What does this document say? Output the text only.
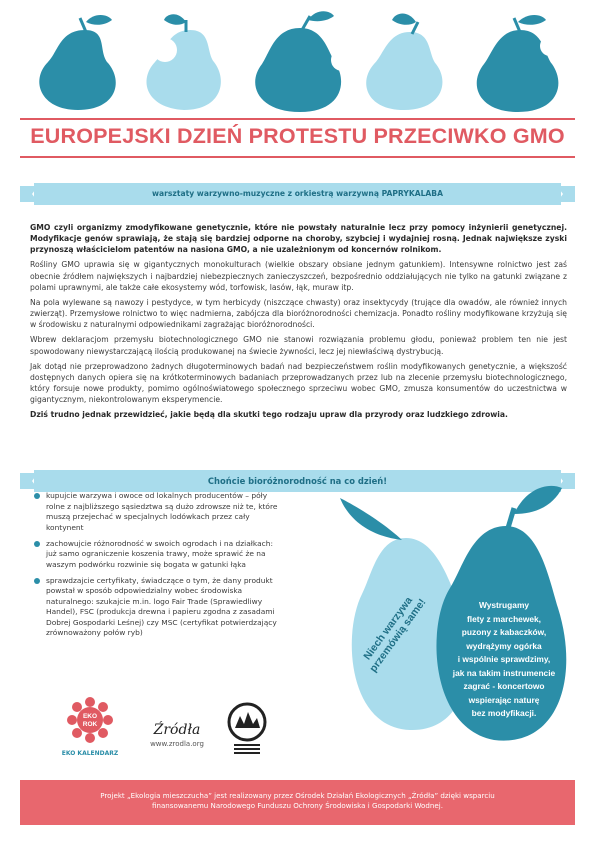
EUROPEJSKI DZIEŃ PROTESTU PRZECIWKO GMO
warsztaty warzywno-muzyczne z orkiestrą warzywną PAPRYKALABA

GMO czyli organizmy zmodyfikowane genetycznie, które nie powstały naturalnie lecz przy pomocy inżynierii genetycznej. Modyfikacje genów sprawiają, że stają się bardziej odporne na choroby, szybciej i wydajniej rosną. Jednak największe zyski przynoszą właścicielom patentów na nasiona GMO, a nie uzależnionym od koncernów rolnikom.

Rośliny GMO uprawia się w gigantycznych monokulturach (wielkie obszary obsiane jednym gatunkiem). Intensywne rolnictwo jest zaś obecnie źródłem największych i najbardziej niebezpiecznych zanieczyszczeń, bezpośrednio oddziałujących nie tylko na gatunki związane z polami uprawnymi, ale także całe ekosystemy wód, torfowisk, lasów, łąk, muraw itp.

Na pola wylewane są nawozy i pestydyce, w tym herbicydy (niszczące chwasty) oraz insektycydy (trujące dla owadów, ale również innych zwierząt). Przemysłowe rolnictwo to więc nadmierna, zabójcza dla bioróżnorodności chemizacja. Ponadto rośliny modyfikowane krzyżują się w środowisku z naturalnymi odpowiednikami zagrażając bioróżnorodności.

Wbrew deklaracjom przemysłu biotechnologicznego GMO nie stanowi rozwiązania problemu głodu, ponieważ problem ten nie jest spowodowany niewystarczającą ilością produkowanej na świecie żywności, lecz jej niewłaściwą dystrybucją.

Jak dotąd nie przeprowadzono żadnych długoterminowych badań nad bezpieczeństwem roślin modyfikowanych genetycznie, a większość dostępnych danych opiera się na krótkoterminowych badaniach przeprowadzanych przez lub na zlecenie przemysłu biotechnologicznego, który forsuje nowe produkty, pomimo ogólnoświatowego społecznego sprzeciwu wobec GMO, zmusza konsumentów do uczestnictwa w gigantycznym, niekontrolowanym eksperymencie.

Dziś trudno jednak przewidzieć, jakie będą dla skutki tego rodzaju upraw dla przyrody oraz ludzkiego zdrowia.

Chońcie bioróżnorodność na co dzień!
kupujcie warzywa i owoce od lokalnych producentów – póły rolne z najbliższego sąsiedztwa są dużo zdrowsze niż te, które muszą przejechać w specjalnych lodówkach przez cały kontynent
zachowujcie różnorodność w swoich ogrodach i na działkach: już samo ograniczenie koszenia trawy, może sprawić że na waszym podwórku rozwinie się bogata w gatunki łąka
sprawdzajcie certyfikaty, świadczące o tym, że dany produkt powstał w sposób odpowiedzialny wobec środowiska naturalnego: szukajcie m.in. logo Fair Trade (Sprawiedliwy Handel), FSC (produkcja drewna i papieru zgodna z zasadami Dobrej Gospodarki Leśnej) czy MSC (certyfikat potwierdzający zrównoważony połów ryb)	Niech warzywa przemówią same!	Wystrugamy
flety z marchewek,
puzony z kabaczków,
wydrążymy ogórka
i wspólnie sprawdzimy,
jak na takim instrumencie
zagrać - koncertowo
wspierając naturę
bez modyfikacji.
EKO
ROK
EKO KALENDARZ
Źródła
www.zrodla.org
Projekt „Ekologia mieszczucha” jest realizowany przez Ośrodek Działań Ekologicznych „Źródła” dzięki wsparciu finansowanemu Narodowego Funduszu Ochrony Środowiska i Gospodarki Wodnej.
